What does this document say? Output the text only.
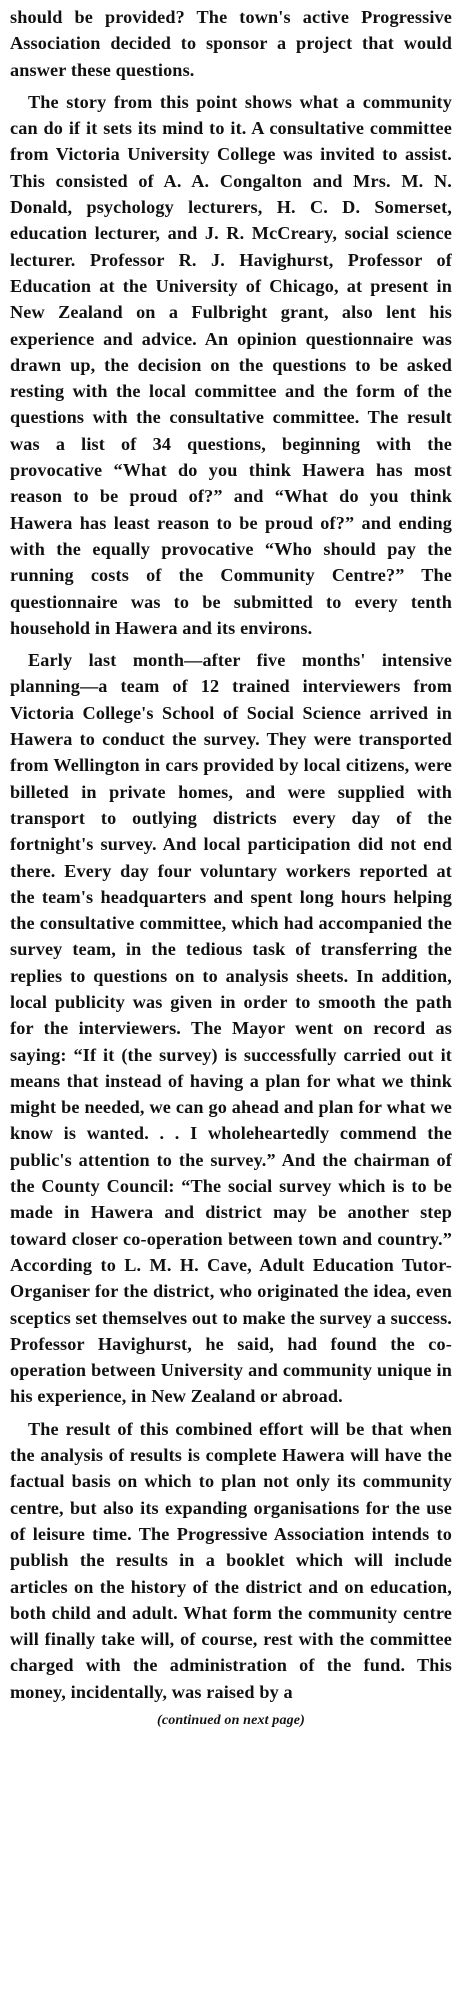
should be provided? The town's active Progressive Association decided to sponsor a project that would answer these questions.

The story from this point shows what a community can do if it sets its mind to it. A consultative committee from Victoria University College was invited to assist. This consisted of A. A. Congalton and Mrs. M. N. Donald, psychology lecturers, H. C. D. Somerset, education lecturer, and J. R. McCreary, social science lecturer. Professor R. J. Havighurst, Professor of Education at the University of Chicago, at present in New Zealand on a Fulbright grant, also lent his experience and advice. An opinion questionnaire was drawn up, the decision on the questions to be asked resting with the local committee and the form of the questions with the consultative committee. The result was a list of 34 questions, beginning with the provocative “What do you think Hawera has most reason to be proud of?” and “What do you think Hawera has least reason to be proud of?” and ending with the equally provocative “Who should pay the running costs of the Community Centre?” The questionnaire was to be submitted to every tenth household in Hawera and its environs.

Early last month—after five months' intensive planning—a team of 12 trained interviewers from Victoria College's School of Social Science arrived in Hawera to conduct the survey. They were transported from Wellington in cars provided by local citizens, were billeted in private homes, and were supplied with transport to outlying districts every day of the fortnight's survey. And local participation did not end there. Every day four voluntary workers reported at the team's headquarters and spent long hours helping the consultative committee, which had accompanied the survey team, in the tedious task of transferring the replies to questions on to analysis sheets. In addition, local publicity was given in order to smooth the path for the interviewers. The Mayor went on record as saying: “If it (the survey) is successfully carried out it means that instead of having a plan for what we think might be needed, we can go ahead and plan for what we know is wanted. . . I wholeheartedly commend the public's attention to the survey.” And the chairman of the County Council: “The social survey which is to be made in Hawera and district may be another step toward closer co-operation between town and country.” According to L. M. H. Cave, Adult Education Tutor-Organiser for the district, who originated the idea, even sceptics set themselves out to make the survey a success. Professor Havighurst, he said, had found the co-operation between University and community unique in his experience, in New Zealand or abroad.

The result of this combined effort will be that when the analysis of results is complete Hawera will have the factual basis on which to plan not only its community centre, but also its expanding organisations for the use of leisure time. The Progressive Association intends to publish the results in a booklet which will include articles on the history of the district and on education, both child and adult. What form the community centre will finally take will, of course, rest with the committee charged with the administration of the fund. This money, incidentally, was raised by a

(continued on next page)
